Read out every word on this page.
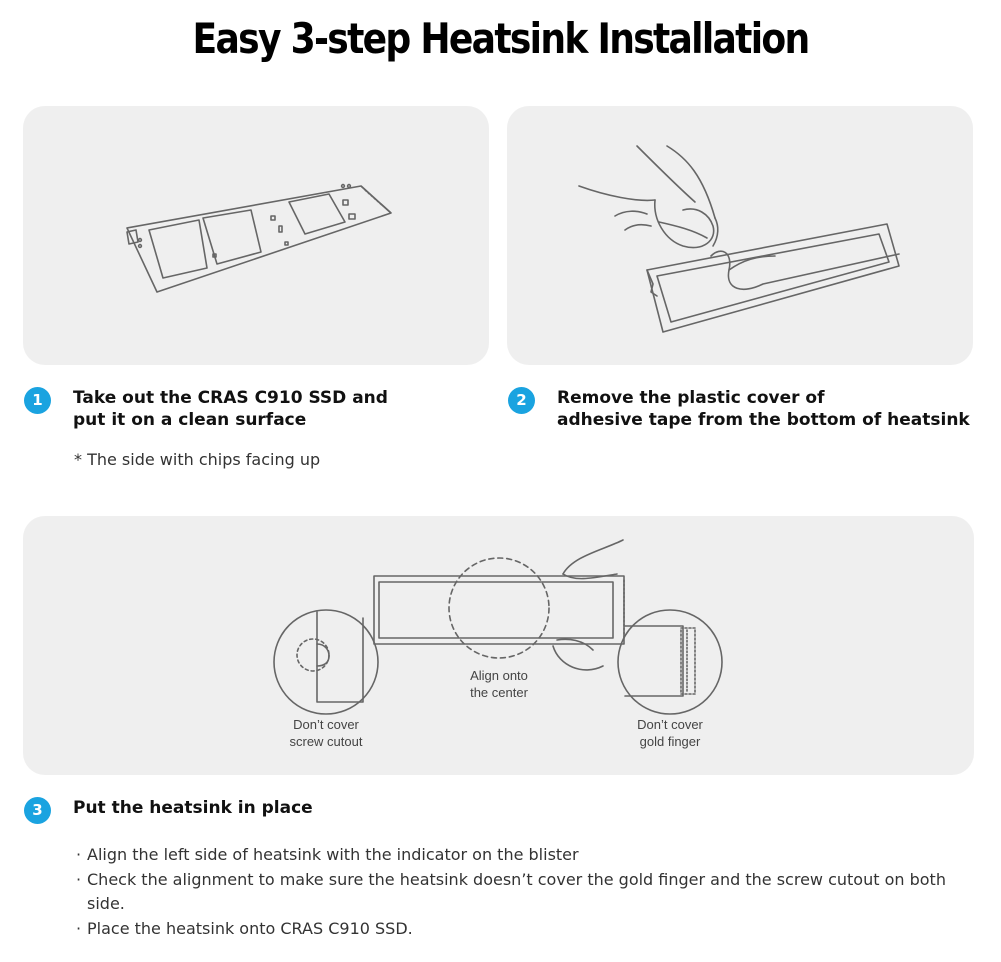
Easy 3-step Heatsink Installation
1	Take out the CRAS C910 SSD and
put it on a clean surface
* The side with chips facing up
2	Remove the plastic cover of
adhesive tape from the bottom of heatsink
Don’t cover
screw cutout
Align onto
the center
Don’t cover
gold finger
3	Put the heatsink in place
· Align the left side of heatsink with the indicator on the blister
· Check the alignment to make sure the heatsink doesn’t cover the gold finger and the screw cutout on both side.
· Place the heatsink onto CRAS C910 SSD.
